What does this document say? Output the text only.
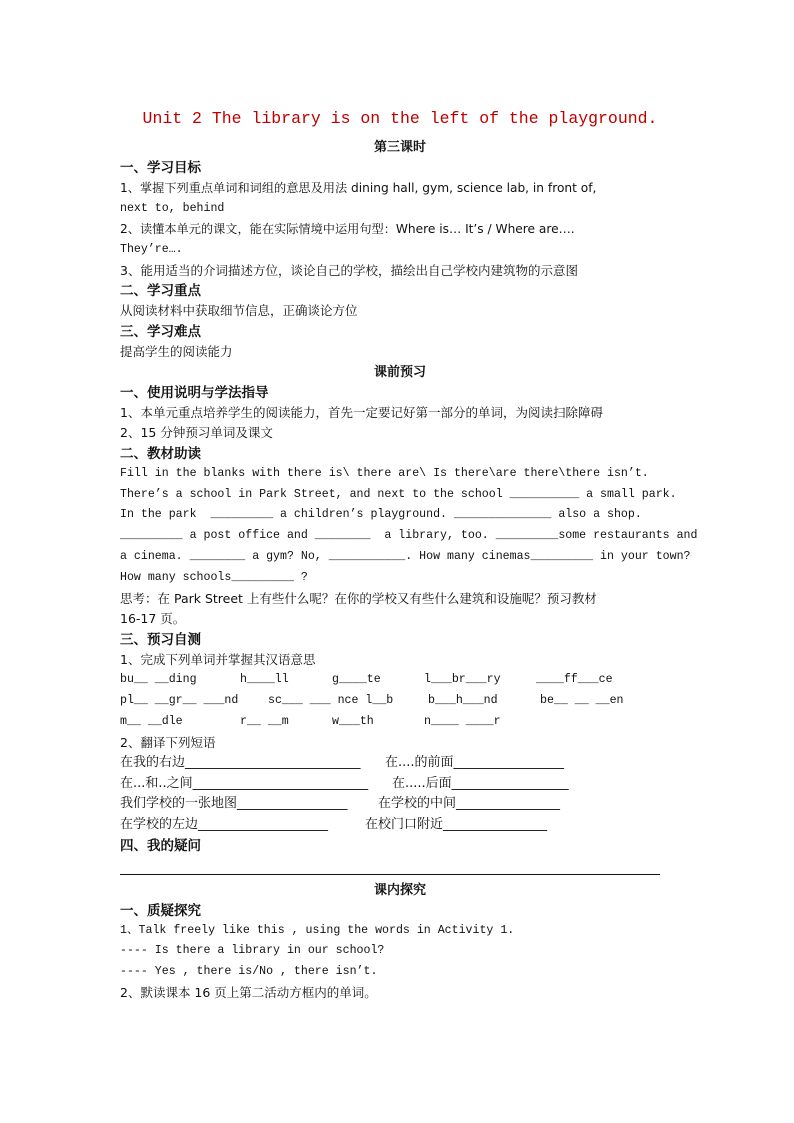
Unit 2 The library is on the left of the playground.

第三课时

一、学习目标

1、掌握下列重点单词和词组的意思及用法 dining hall, gym, science lab, in front of,

next to, behind

2、读懂本单元的课文，能在实际情境中运用句型：Where is… It’s / Where are….

They’re….

3、能用适当的介词描述方位，谈论自己的学校，描绘出自己学校内建筑物的示意图

二、学习重点

从阅读材料中获取细节信息，正确谈论方位

三、学习难点

提高学生的阅读能力

课前预习

一、使用说明与学法指导

1、本单元重点培养学生的阅读能力，首先一定要记好第一部分的单词，为阅读扫除障碍

2、15 分钟预习单词及课文

二、教材助读

Fill in the blanks with there is\ there are\ Is there\are there\there isn’t.

There’s a school in Park Street, and next to the school __________ a small park.

In the park  _________ a children’s playground. ______________ also a shop.

_________ a post office and ________  a library, too. _________some restaurants and

a cinema. ________ a gym? No, ___________. How many cinemas_________ in your town?

How many schools_________ ?

思考：在 Park Street 上有些什么呢？在你的学校又有些什么建筑和设施呢？预习教材

16-17 页。

三、预习自测

1、完成下列单词并掌握其汉语意思

bu__ __ding	h____ll	g____te	l___br___ry	____ff___ce
pl__ __gr__ ___nd	sc___ ___ nce l__b	b___h___nd	be__ __ __en
m__ __dle	r__ __m	w___th	n____ ____r

2、翻译下列短语

在我的右边___________________________	在....的前面_________________
在...和..之间___________________________	在.....后面__________________
我们学校的一张地图_________________	在学校的中间________________
在学校的左边____________________	在校门口附近________________

四、我的疑问

课内探究

一、质疑探究

1、Talk freely like this , using the words in Activity 1.

---- Is there a library in our school?

---- Yes , there is/No , there isn’t.

2、默读课本 16 页上第二活动方框内的单词。
